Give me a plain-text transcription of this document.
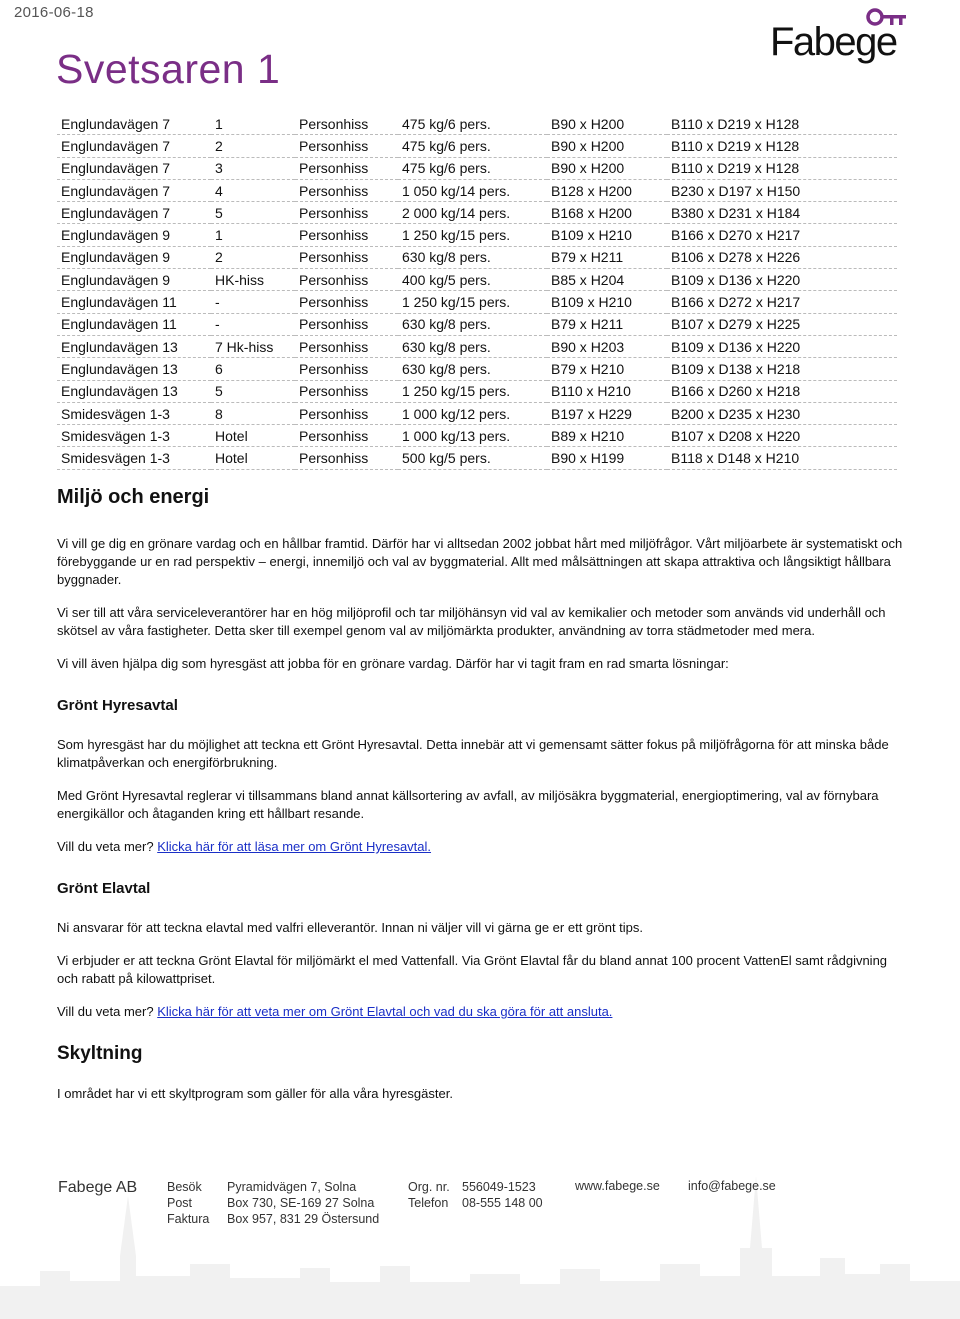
2016-06-18
Svetsaren 1
Fabege
Englundavägen 7	1	Personhiss	475 kg/6 pers.	B90 x H200	B110 x D219 x H128
Englundavägen 7	2	Personhiss	475 kg/6 pers.	B90 x H200	B110 x D219 x H128
Englundavägen 7	3	Personhiss	475 kg/6 pers.	B90 x H200	B110 x D219 x H128
Englundavägen 7	4	Personhiss	1 050 kg/14 pers.	B128 x H200	B230 x D197 x H150
Englundavägen 7	5	Personhiss	2 000 kg/14 pers.	B168 x H200	B380 x D231 x H184
Englundavägen 9	1	Personhiss	1 250 kg/15 pers.	B109 x H210	B166 x D270 x H217
Englundavägen 9	2	Personhiss	630 kg/8 pers.	B79 x H211	B106 x D278 x H226
Englundavägen 9	HK-hiss	Personhiss	400 kg/5 pers.	B85 x H204	B109 x D136 x H220
Englundavägen 11	-	Personhiss	1 250 kg/15 pers.	B109 x H210	B166 x D272 x H217
Englundavägen 11	-	Personhiss	630 kg/8 pers.	B79 x H211	B107 x D279 x H225
Englundavägen 13	7 Hk-hiss	Personhiss	630 kg/8 pers.	B90 x H203	B109 x D136 x H220
Englundavägen 13	6	Personhiss	630 kg/8 pers.	B79 x H210	B109 x D138 x H218
Englundavägen 13	5	Personhiss	1 250 kg/15 pers.	B110 x H210	B166 x D260 x H218
Smidesvägen 1-3	8	Personhiss	1 000 kg/12 pers.	B197 x H229	B200 x D235 x H230
Smidesvägen 1-3	Hotel	Personhiss	1 000 kg/13 pers.	B89 x H210	B107 x D208 x H220
Smidesvägen 1-3	Hotel	Personhiss	500 kg/5 pers.	B90 x H199	B118 x D148 x H210
Miljö och energi

Vi vill ge dig en grönare vardag och en hållbar framtid. Därför har vi alltsedan 2002 jobbat hårt med miljöfrågor. Vårt miljöarbete är systematiskt och förebyggande ur en rad perspektiv – energi, innemiljö och val av byggmaterial. Allt med målsättningen att skapa attraktiva och långsiktigt hållbara byggnader.

Vi ser till att våra serviceleverantörer har en hög miljöprofil och tar miljöhänsyn vid val av kemikalier och metoder som används vid underhåll och skötsel av våra fastigheter. Detta sker till exempel genom val av miljömärkta produkter, användning av torra städmetoder med mera.

Vi vill även hjälpa dig som hyresgäst att jobba för en grönare vardag. Därför har vi tagit fram en rad smarta lösningar:

Grönt Hyresavtal

Som hyresgäst har du möjlighet att teckna ett Grönt Hyresavtal. Detta innebär att vi gemensamt sätter fokus på miljöfrågorna för att minska både klimatpåverkan och energiförbrukning.

Med Grönt Hyresavtal reglerar vi tillsammans bland annat källsortering av avfall, av miljösäkra byggmaterial, energioptimering, val av förnybara energikällor och åtaganden kring ett hållbart resande.

Vill du veta mer? Klicka här för att läsa mer om Grönt Hyresavtal.

Grönt Elavtal

Ni ansvarar för att teckna elavtal med valfri elleverantör. Innan ni väljer vill vi gärna ge er ett grönt tips.

Vi erbjuder er att teckna Grönt Elavtal för miljömärkt el med Vattenfall. Via Grönt Elavtal får du bland annat 100 procent VattenEl samt rådgivning och rabatt på kilowattpriset.

Vill du veta mer? Klicka här för att veta mer om Grönt Elavtal och vad du ska göra för att ansluta.

Skyltning

I området har vi ett skyltprogram som gäller för alla våra hyresgäster.

Fabege AB Besök
Post
Faktura
Pyramidvägen 7, Solna
Box 730, SE-169 27 Solna
Box 957, 831 29 Östersund
Org. nr.
Telefon
556049-1523
08-555 148 00
www.fabege.se info@fabege.se
